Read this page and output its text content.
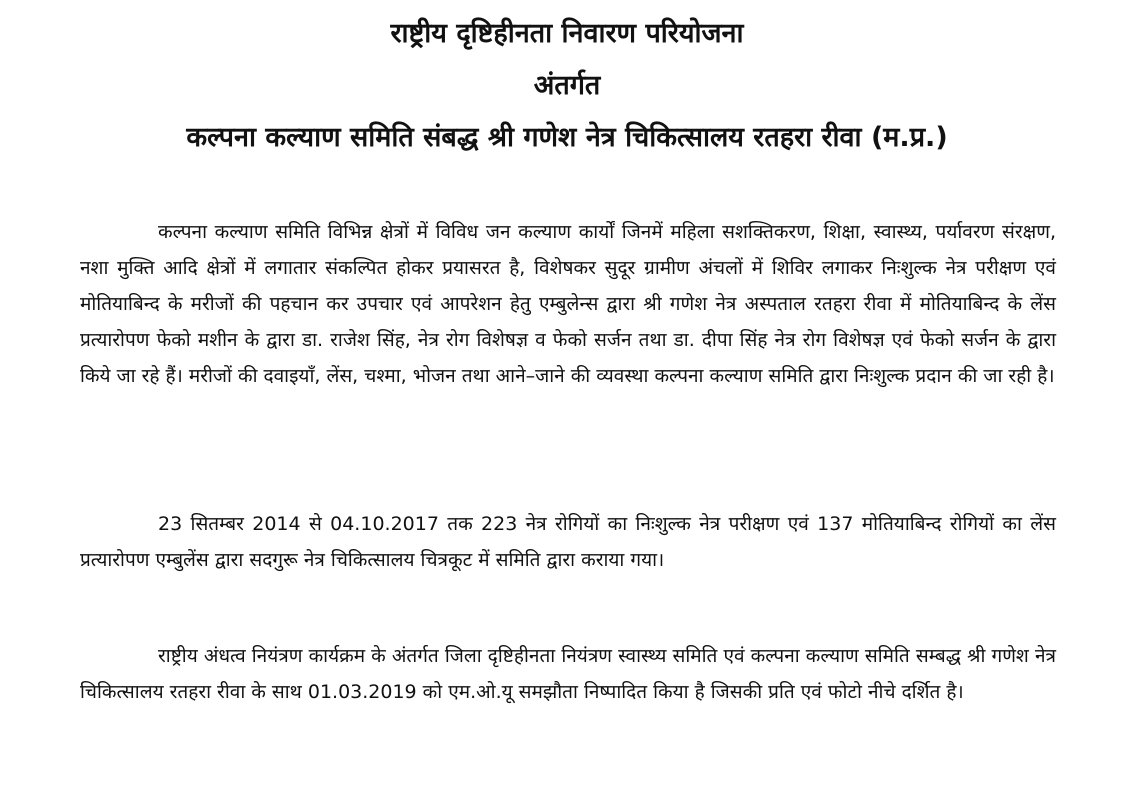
राष्ट्रीय दृष्टिहीनता निवारण परियोजना
अंतर्गत
कल्पना कल्याण समिति संबद्ध श्री गणेश नेत्र चिकित्सालय रतहरा रीवा (म.प्र.)

कल्पना कल्याण समिति विभिन्न क्षेत्रों में विविध जन कल्याण कार्यों जिनमें महिला सशक्तिकरण, शिक्षा, स्वास्थ्य, पर्यावरण संरक्षण, नशा मुक्ति आदि क्षेत्रों में लगातार संकल्पित होकर प्रयासरत है, विशेषकर सुदूर ग्रामीण अंचलों में शिविर लगाकर निःशुल्क नेत्र परीक्षण एवं मोतियाबिन्द के मरीजों की पहचान कर उपचार एवं आपरेशन हेतु एम्बुलेन्स द्वारा श्री गणेश नेत्र अस्पताल रतहरा रीवा में मोतियाबिन्द के लेंस प्रत्यारोपण फेको मशीन के द्वारा डा. राजेश सिंह, नेत्र रोग विशेषज्ञ व फेको सर्जन तथा डा. दीपा सिंह नेत्र रोग विशेषज्ञ एवं फेको सर्जन के द्वारा किये जा रहे हैं। मरीजों की दवाइयाँ, लेंस, चश्मा, भोजन तथा आने–जाने की व्यवस्था कल्पना कल्याण समिति द्वारा निःशुल्क प्रदान की जा रही है।

23 सितम्बर 2014 से 04.10.2017 तक 223 नेत्र रोगियों का निःशुल्क नेत्र परीक्षण एवं 137 मोतियाबिन्द रोगियों का लेंस प्रत्यारोपण एम्बुलेंस द्वारा सदगुरू नेत्र चिकित्सालय चित्रकूट में समिति द्वारा कराया गया।

राष्ट्रीय अंधत्व नियंत्रण कार्यक्रम के अंतर्गत जिला दृष्टिहीनता नियंत्रण स्वास्थ्य समिति एवं कल्पना कल्याण समिति सम्बद्ध श्री गणेश नेत्र चिकित्सालय रतहरा रीवा के साथ 01.03.2019 को एम.ओ.यू समझौता निष्पादित किया है जिसकी प्रति एवं फोटो नीचे दर्शित है।
